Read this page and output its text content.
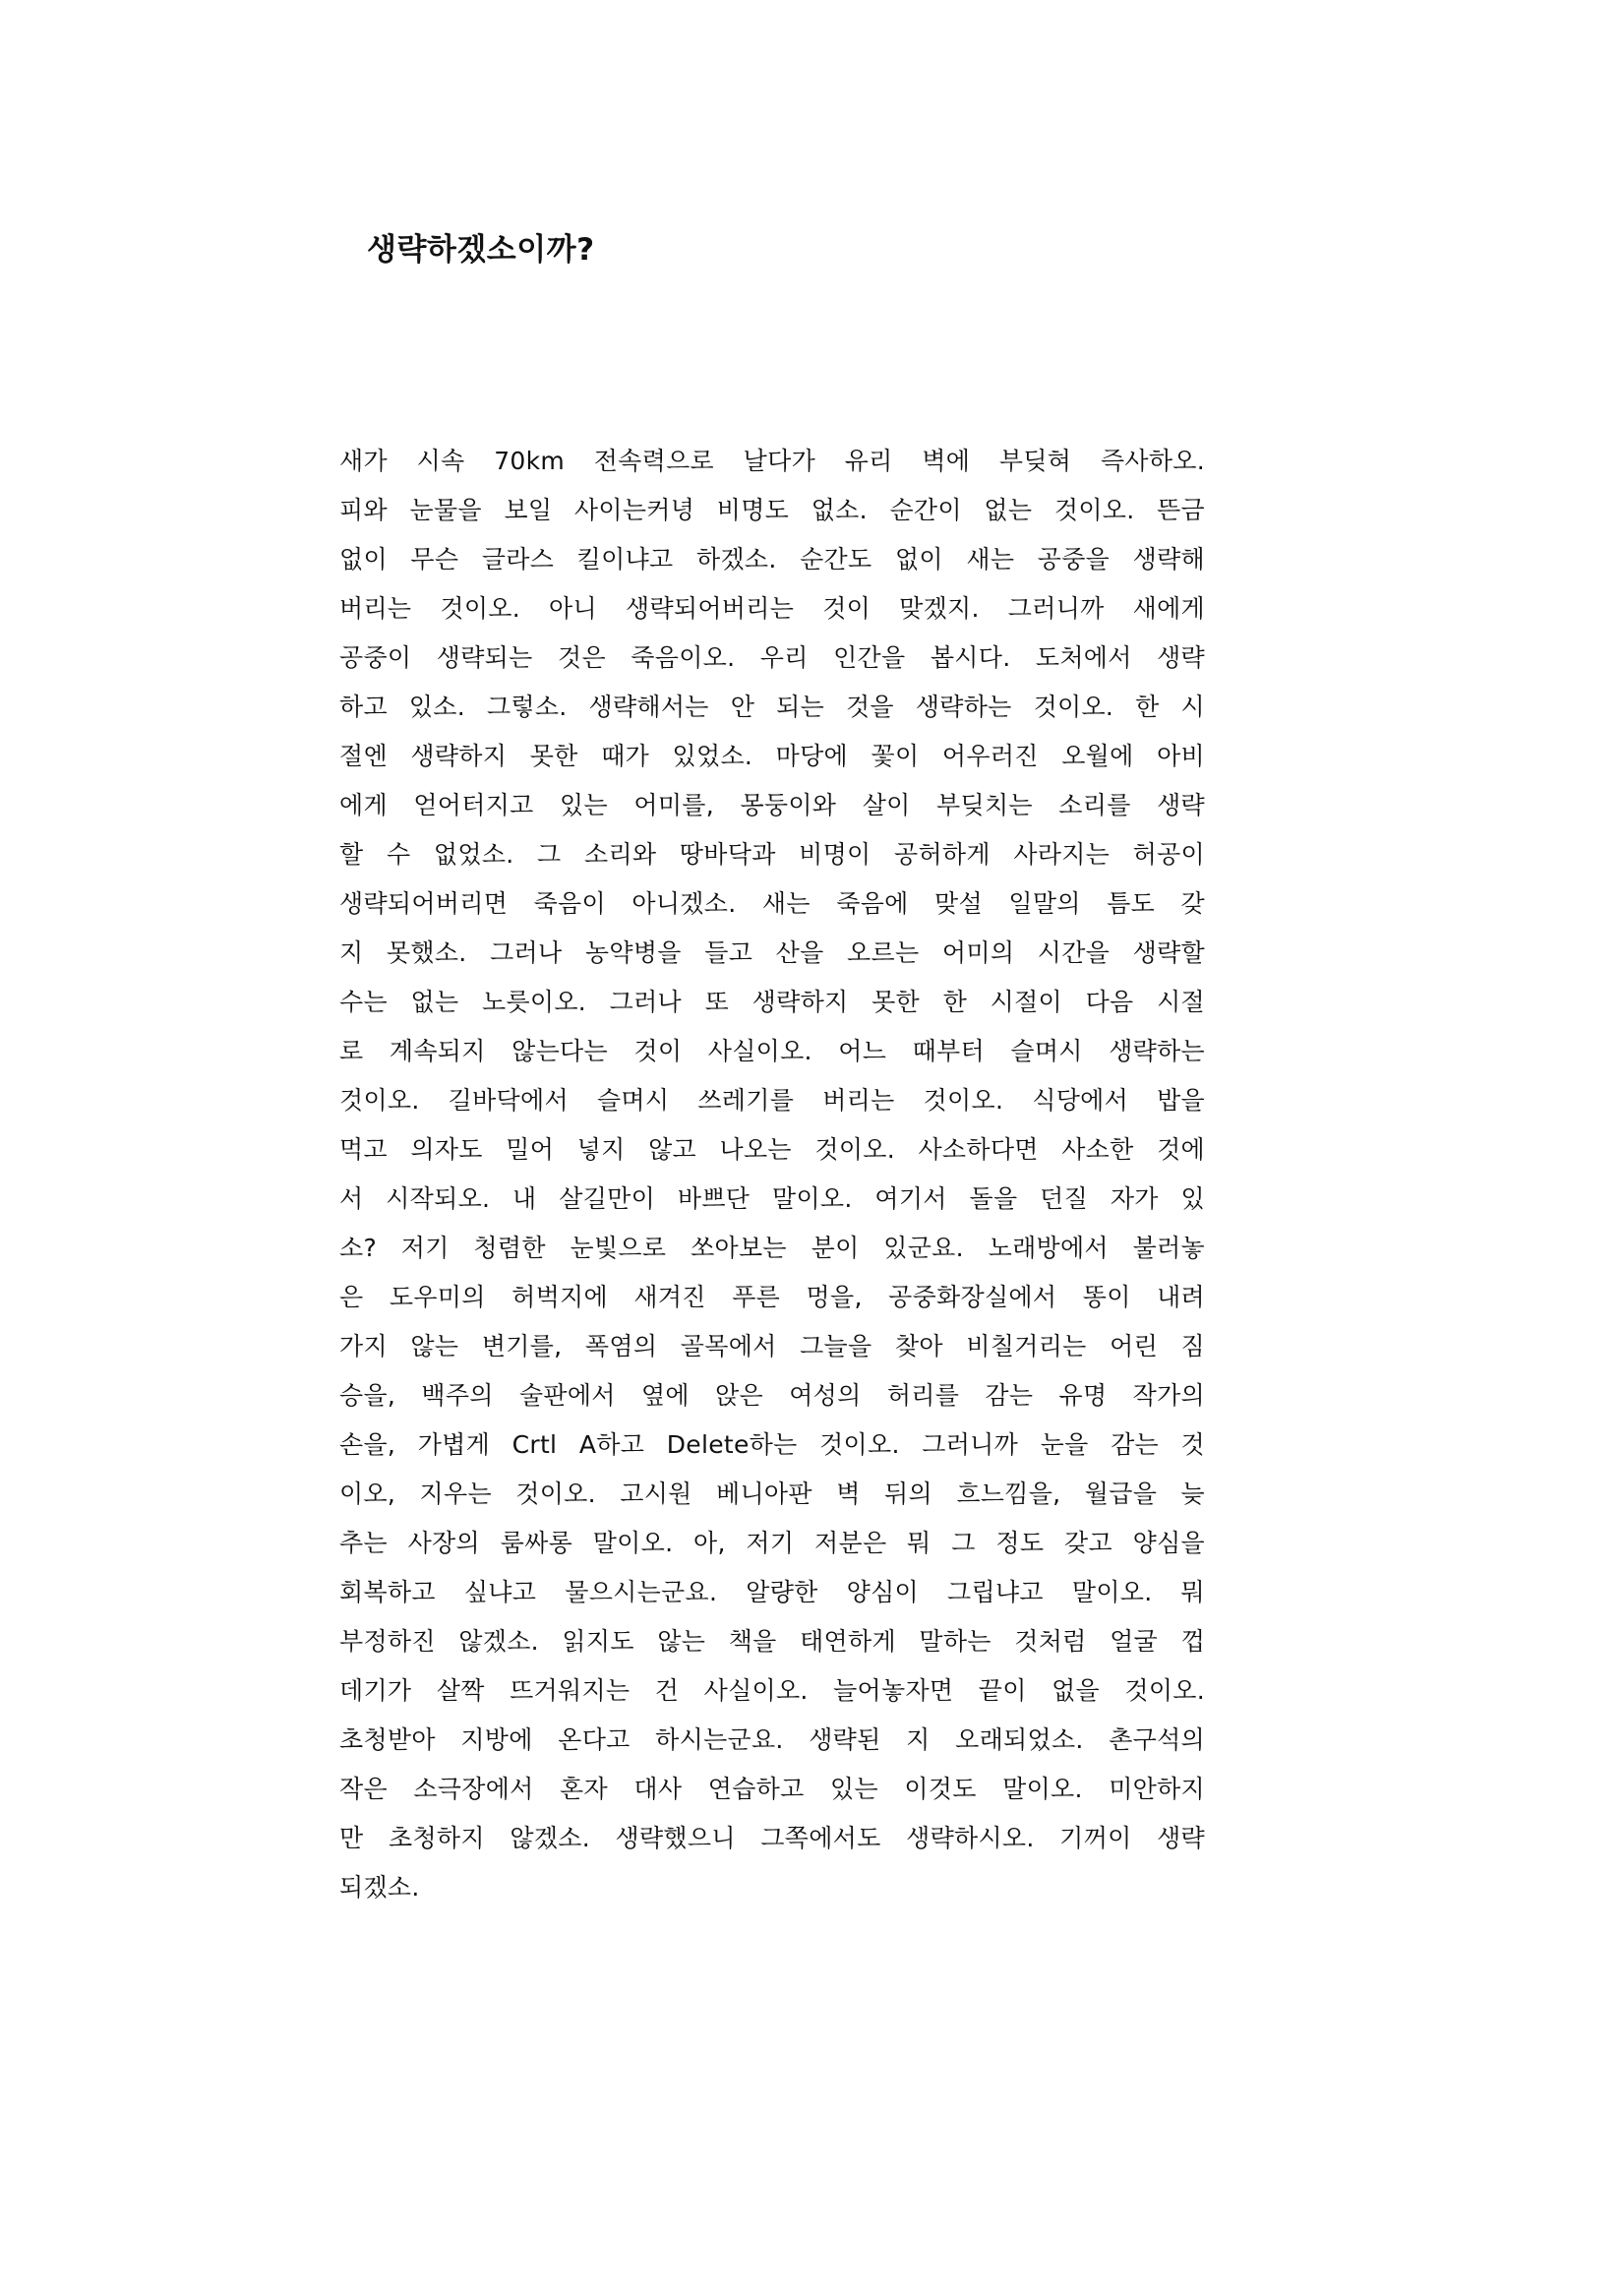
생략하겠소이까?
새가 시속 70km 전속력으로 날다가 유리 벽에 부딪혀 즉사하오.
피와 눈물을 보일 사이는커녕 비명도 없소. 순간이 없는 것이오. 뜬금
없이 무슨 글라스 킬이냐고 하겠소. 순간도 없이 새는 공중을 생략해
버리는 것이오. 아니 생략되어버리는 것이 맞겠지. 그러니까 새에게
공중이 생략되는 것은 죽음이오. 우리 인간을 봅시다. 도처에서 생략
하고 있소. 그렇소. 생략해서는 안 되는 것을 생략하는 것이오. 한 시
절엔 생략하지 못한 때가 있었소. 마당에 꽃이 어우러진 오월에 아비
에게 얻어터지고 있는 어미를, 몽둥이와 살이 부딪치는 소리를 생략
할 수 없었소. 그 소리와 땅바닥과 비명이 공허하게 사라지는 허공이
생략되어버리면 죽음이 아니겠소. 새는 죽음에 맞설 일말의 틈도 갖
지 못했소. 그러나 농약병을 들고 산을 오르는 어미의 시간을 생략할
수는 없는 노릇이오. 그러나 또 생략하지 못한 한 시절이 다음 시절
로 계속되지 않는다는 것이 사실이오. 어느 때부터 슬며시 생략하는
것이오. 길바닥에서 슬며시 쓰레기를 버리는 것이오. 식당에서 밥을
먹고 의자도 밀어 넣지 않고 나오는 것이오. 사소하다면 사소한 것에
서 시작되오. 내 살길만이 바쁘단 말이오. 여기서 돌을 던질 자가 있
소? 저기 청렴한 눈빛으로 쏘아보는 분이 있군요. 노래방에서 불러놓
은 도우미의 허벅지에 새겨진 푸른 멍을, 공중화장실에서 똥이 내려
가지 않는 변기를, 폭염의 골목에서 그늘을 찾아 비칠거리는 어린 짐
승을, 백주의 술판에서 옆에 앉은 여성의 허리를 감는 유명 작가의
손을, 가볍게 Crtl A하고 Delete하는 것이오. 그러니까 눈을 감는 것
이오, 지우는 것이오. 고시원 베니아판 벽 뒤의 흐느낌을, 월급을 늦
추는 사장의 룸싸롱 말이오. 아, 저기 저분은 뭐 그 정도 갖고 양심을
회복하고 싶냐고 물으시는군요. 알량한 양심이 그립냐고 말이오. 뭐
부정하진 않겠소. 읽지도 않는 책을 태연하게 말하는 것처럼 얼굴 껍
데기가 살짝 뜨거워지는 건 사실이오. 늘어놓자면 끝이 없을 것이오.
초청받아 지방에 온다고 하시는군요. 생략된 지 오래되었소. 촌구석의
작은 소극장에서 혼자 대사 연습하고 있는 이것도 말이오. 미안하지
만 초청하지 않겠소. 생략했으니 그쪽에서도 생략하시오. 기꺼이 생략
되겠소.
